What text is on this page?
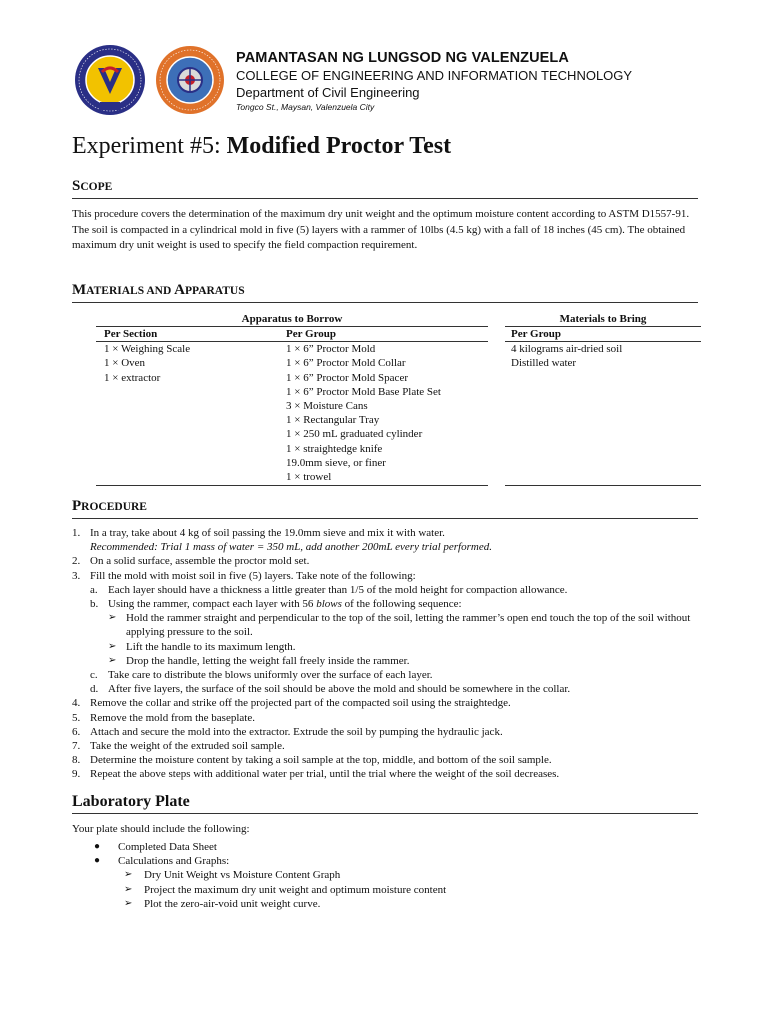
PAMANTASAN NG LUNGSOD NG VALENZUELA
COLLEGE OF ENGINEERING AND INFORMATION TECHNOLOGY
Department of Civil Engineering
Tongco St., Maysan, Valenzuela City
Experiment #5: Modified Proctor Test
SCOPE
This procedure covers the determination of the maximum dry unit weight and the optimum moisture content according to ASTM D1557-91. The soil is compacted in a cylindrical mold in five (5) layers with a rammer of 10lbs (4.5 kg) with a fall of 18 inches (45 cm). The obtained maximum dry unit weight is used to specify the field compaction requirement.
MATERIALS AND APPARATUS
Apparatus to Borrow
Per Section	Per Group
1 × Weighing Scale
1 × Oven
1 × extractor
1 × 6” Proctor Mold
1 × 6” Proctor Mold Collar
1 × 6” Proctor Mold Spacer
1 × 6” Proctor Mold Base Plate Set
3 × Moisture Cans
1 × Rectangular Tray
1 × 250 mL graduated cylinder
1 × straightedge knife
19.0mm sieve, or finer
1 × trowel
Materials to Bring
Per Group
4 kilograms air-dried soil
Distilled water
PROCEDURE
1. In a tray, take about 4 kg of soil passing the 19.0mm sieve and mix it with water.
Recommended: Trial 1 mass of water = 350 mL, add another 200mL every trial performed.
2. On a solid surface, assemble the proctor mold set.
3. Fill the mold with moist soil in five (5) layers. Take note of the following:
a. Each layer should have a thickness a little greater than 1/5 of the mold height for compaction allowance.
b. Using the rammer, compact each layer with 56 blows of the following sequence:
➢ Hold the rammer straight and perpendicular to the top of the soil, letting the rammer’s open end touch the top of the soil without applying pressure to the soil.
➢ Lift the handle to its maximum length.
➢ Drop the handle, letting the weight fall freely inside the rammer.
c. Take care to distribute the blows uniformly over the surface of each layer.
d. After five layers, the surface of the soil should be above the mold and should be somewhere in the collar.
4. Remove the collar and strike off the projected part of the compacted soil using the straightedge.
5. Remove the mold from the baseplate.
6. Attach and secure the mold into the extractor. Extrude the soil by pumping the hydraulic jack.
7. Take the weight of the extruded soil sample.
8. Determine the moisture content by taking a soil sample at the top, middle, and bottom of the soil sample.
9. Repeat the above steps with additional water per trial, until the trial where the weight of the soil decreases.
Laboratory Plate
Your plate should include the following:
● Completed Data Sheet
● Calculations and Graphs:
➢ Dry Unit Weight vs Moisture Content Graph
➢ Project the maximum dry unit weight and optimum moisture content
➢ Plot the zero-air-void unit weight curve.
